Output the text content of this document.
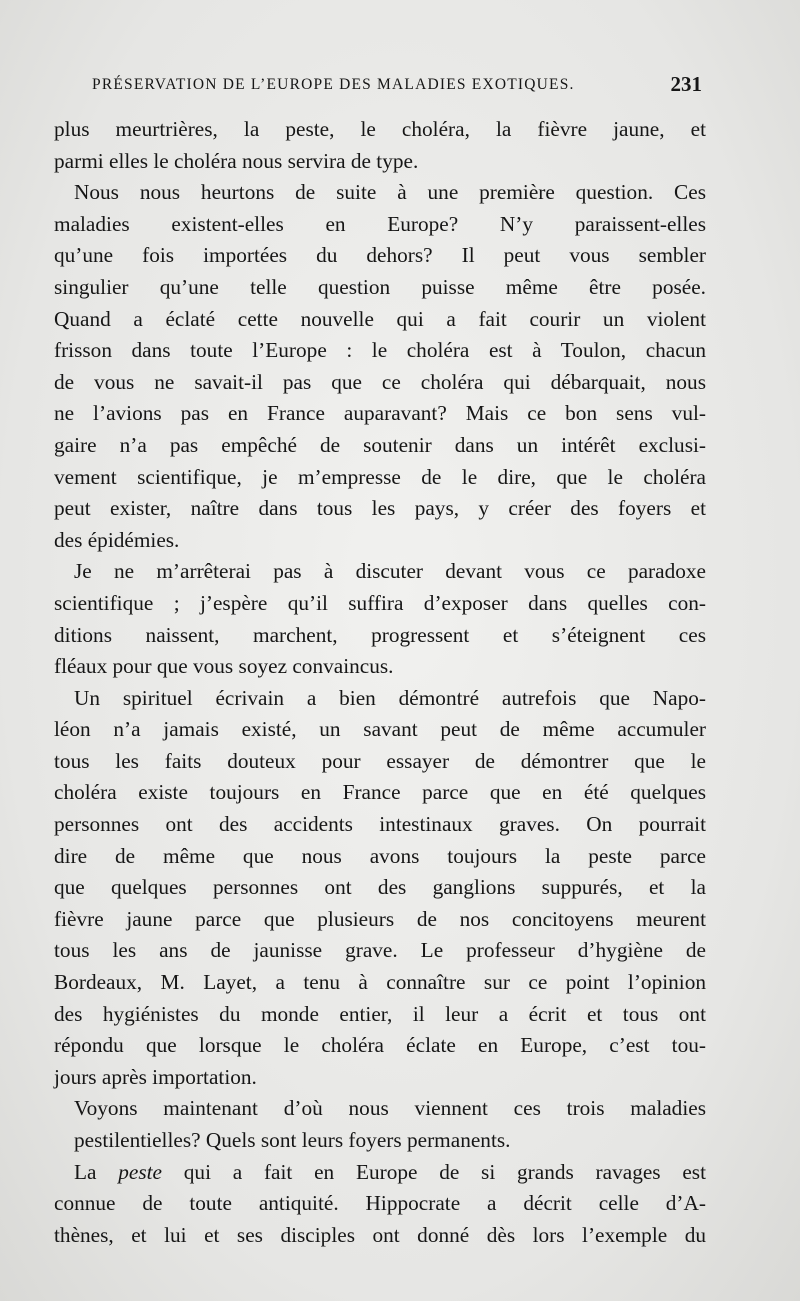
PRÉSERVATION DE L’EUROPE DES MALADIES EXOTIQUES.	231
plus meurtrières, la peste, le choléra, la fièvre jaune, et
parmi elles le choléra nous servira de type.
Nous nous heurtons de suite à une première question. Ces
maladies existent-elles en Europe? N’y paraissent-elles
qu’une fois importées du dehors? Il peut vous sembler
singulier qu’une telle question puisse même être posée.
Quand a éclaté cette nouvelle qui a fait courir un violent
frisson dans toute l’Europe : le choléra est à Toulon, chacun
de vous ne savait-il pas que ce choléra qui débarquait, nous
ne l’avions pas en France auparavant? Mais ce bon sens vul-
gaire n’a pas empêché de soutenir dans un intérêt exclusi-
vement scientifique, je m’empresse de le dire, que le choléra
peut exister, naître dans tous les pays, y créer des foyers et
des épidémies.
Je ne m’arrêterai pas à discuter devant vous ce paradoxe
scientifique ; j’espère qu’il suffira d’exposer dans quelles con-
ditions naissent, marchent, progressent et s’éteignent ces
fléaux pour que vous soyez convaincus.
Un spirituel écrivain a bien démontré autrefois que Napo-
léon n’a jamais existé, un savant peut de même accumuler
tous les faits douteux pour essayer de démontrer que le
choléra existe toujours en France parce que en été quelques
personnes ont des accidents intestinaux graves. On pourrait
dire de même que nous avons toujours la peste parce
que quelques personnes ont des ganglions suppurés, et la
fièvre jaune parce que plusieurs de nos concitoyens meurent
tous les ans de jaunisse grave. Le professeur d’hygiène de
Bordeaux, M. Layet, a tenu à connaître sur ce point l’opinion
des hygiénistes du monde entier, il leur a écrit et tous ont
répondu que lorsque le choléra éclate en Europe, c’est tou-
jours après importation.
Voyons maintenant d’où nous viennent ces trois maladies
pestilentielles? Quels sont leurs foyers permanents.
La peste qui a fait en Europe de si grands ravages est
connue de toute antiquité. Hippocrate a décrit celle d’A-
thènes, et lui et ses disciples ont donné dès lors l’exemple du
